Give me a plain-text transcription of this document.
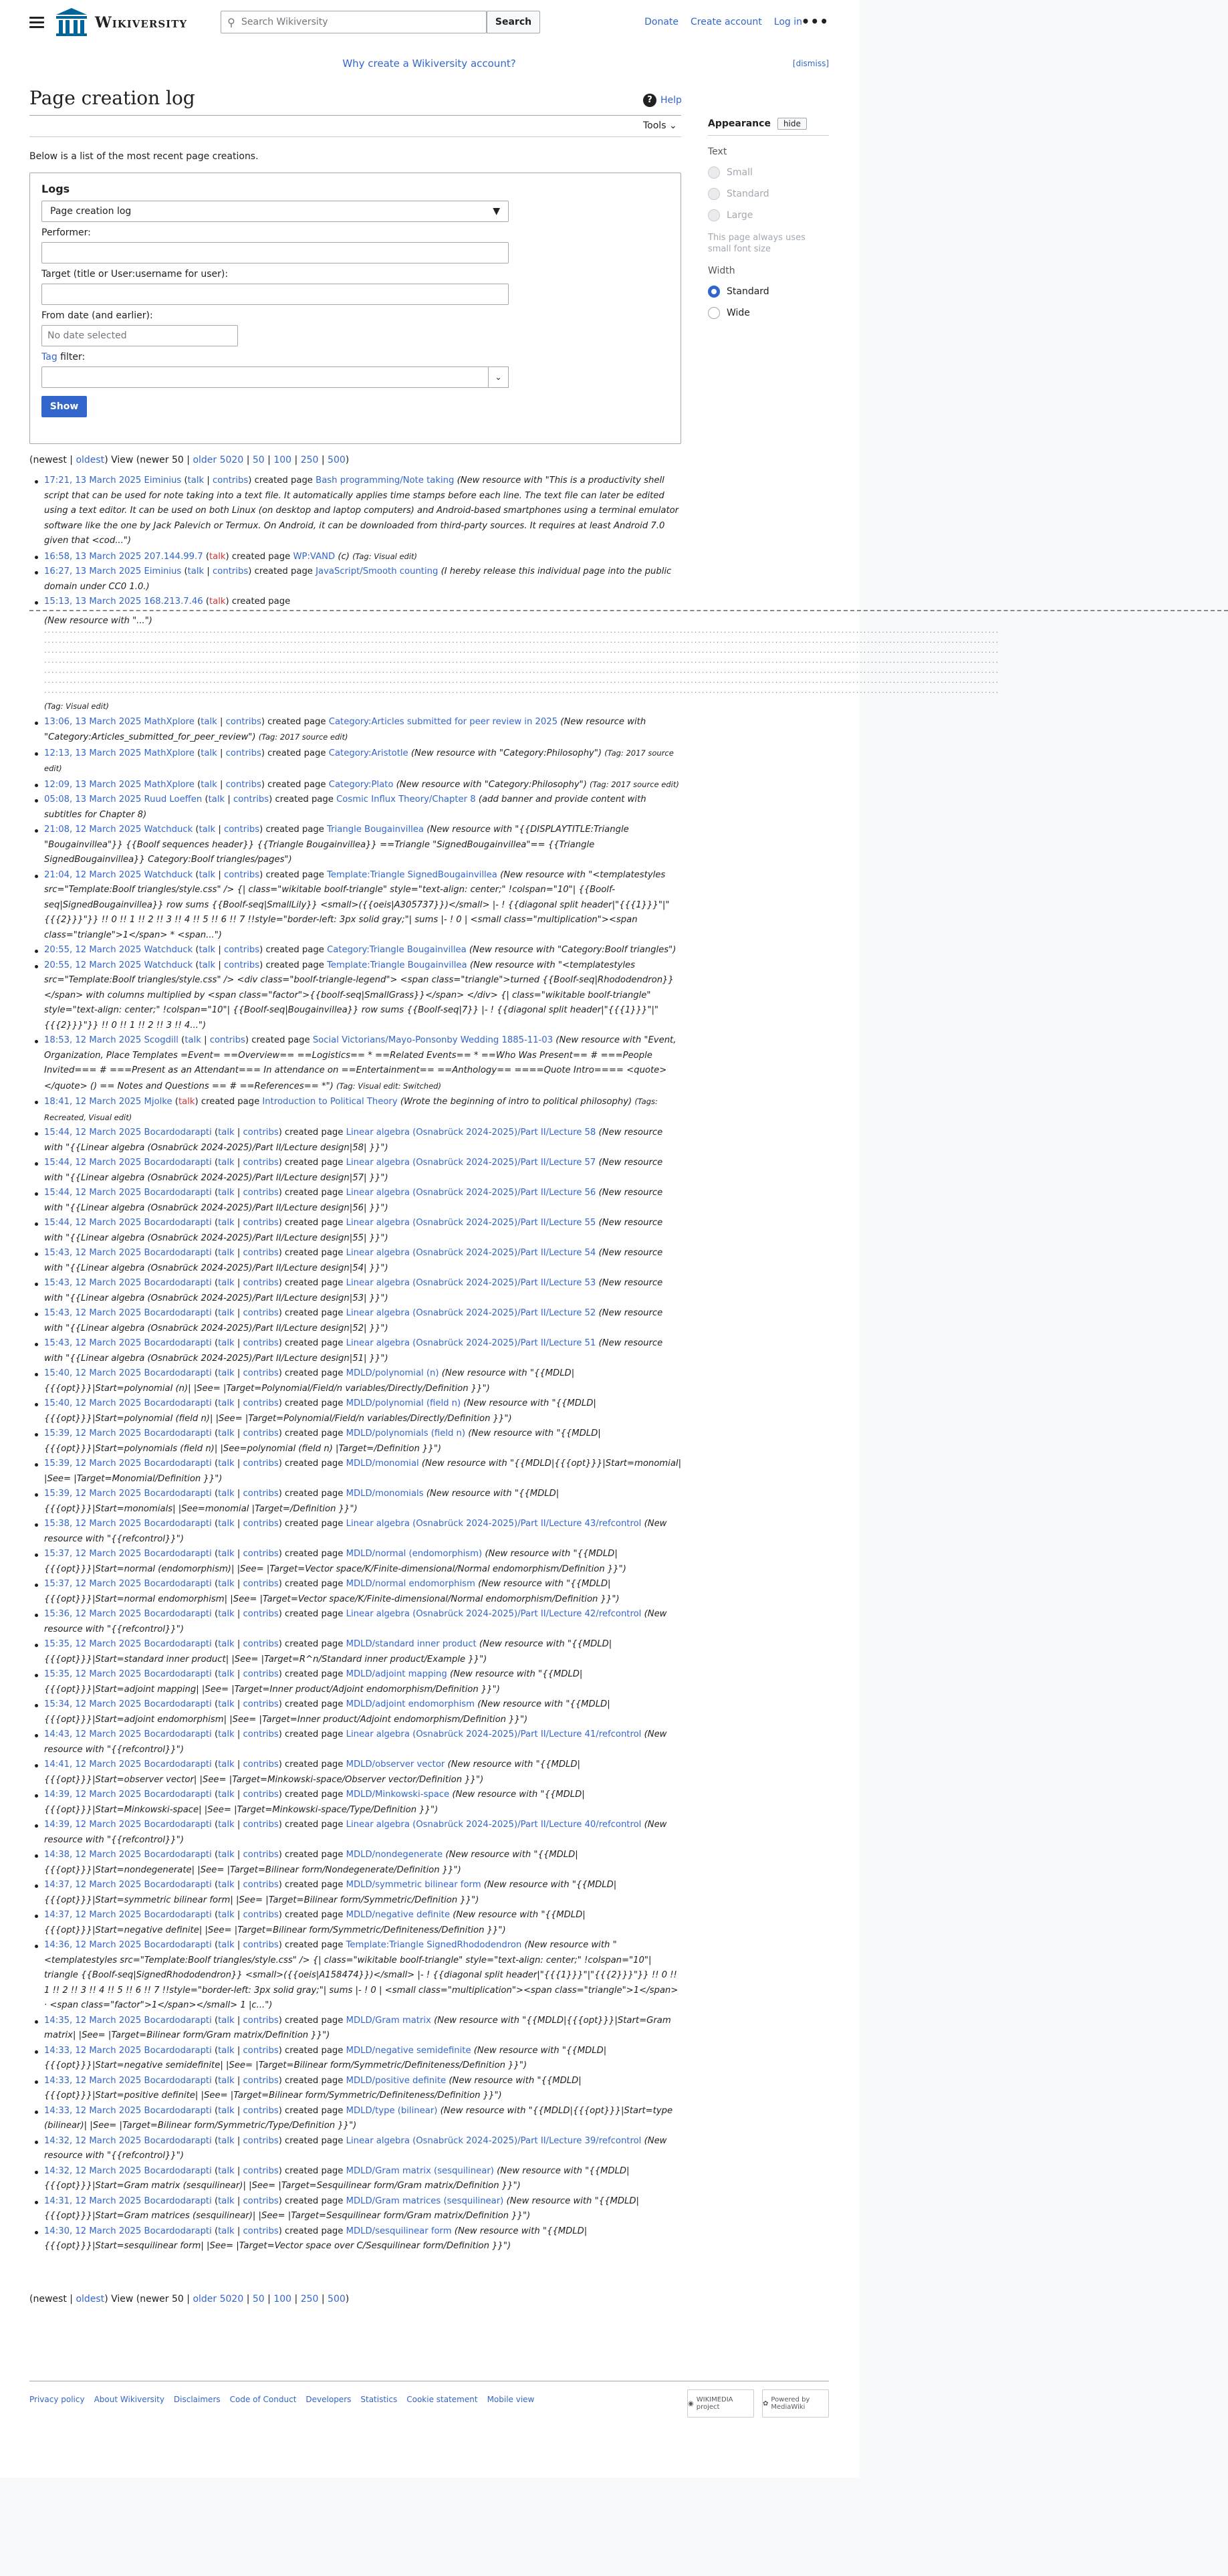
Wikiversity	⚲ Search Wikiversity	Search	Donate Create account Log in
•••
Why create a Wikiversity account?	[dismiss]
Page creation log	? Help
Tools ⌄	Appearance	hide
Text
Small
Standard
Large
This page always uses small font size
Width
Standard
Wide

Below is a list of the most recent page creations.

Logs
Page creation log	▼
Performer:
Target (title or User:username for user):
From date (and earlier):
No date selected
Tag filter:
⌄
Show
(newest | oldest) View (newer 50 | older 5020 | 50 | 100 | 250 | 500)
17:21, 13 March 2025 Eiminius (talk | contribs) created page Bash programming/Note taking (New resource with "This is a productivity shell script that can be used for note taking into a text file. It automatically applies time stamps before each line. The text file can later be edited using a text editor. It can be used on both Linux (on desktop and laptop computers) and Android-based smartphones using a terminal emulator software like the one by Jack Palevich or Termux. On Android, it can be downloaded from third-party sources. It requires at least Android 7.0 given that <cod...")
16:58, 13 March 2025 207.144.99.7 (talk) created page WP:VAND (c) (Tag: Visual edit)
16:27, 13 March 2025 Eiminius (talk | contribs) created page JavaScript/Smooth counting (I hereby release this individual page into the public domain under CC0 1.0.)
15:13, 13 March 2025 168.213.7.46 (talk) created page
(New resource with "...")
····································································································································································································································································
····································································································································································································································································
····································································································································································································································································
····································································································································································································································································
····································································································································································································································································
····································································································································································································································································
····································································································································································································································································
(Tag: Visual edit)
13:06, 13 March 2025 MathXplore (talk | contribs) created page Category:Articles submitted for peer review in 2025 (New resource with "Category:Articles_submitted_for_peer_review") (Tag: 2017 source edit)
12:13, 13 March 2025 MathXplore (talk | contribs) created page Category:Aristotle (New resource with "Category:Philosophy") (Tag: 2017 source edit)
12:09, 13 March 2025 MathXplore (talk | contribs) created page Category:Plato (New resource with "Category:Philosophy") (Tag: 2017 source edit)
05:08, 13 March 2025 Ruud Loeffen (talk | contribs) created page Cosmic Influx Theory/Chapter 8 (add banner and provide content with subtitles for Chapter 8)
21:08, 12 March 2025 Watchduck (talk | contribs) created page Triangle Bougainvillea (New resource with "{{DISPLAYTITLE:Triangle "Bougainvillea"}} {{Boolf sequences header}} {{Triangle Bougainvillea}} ==Triangle "SignedBougainvillea"== {{Triangle SignedBougainvillea}} Category:Boolf triangles/pages")
21:04, 12 March 2025 Watchduck (talk | contribs) created page Template:Triangle SignedBougainvillea (New resource with "<templatestyles src="Template:Boolf triangles/style.css" /> {| class="wikitable boolf-triangle" style="text-align: center;" !colspan="10"| {{Boolf-seq|SignedBougainvillea}} row sums {{Boolf-seq|SmallLily}} <small>({{oeis|A305737}})</small> |- ! {{diagonal split header|"{{{1}}}"|"{{{2}}}"}} !! 0 !! 1 !! 2 !! 3 !! 4 !! 5 !! 6 !! 7 !!style="border-left: 3px solid gray;"| sums |- ! 0 | <small class="multiplication"><span class="triangle">1</span> * <span...")
20:55, 12 March 2025 Watchduck (talk | contribs) created page Category:Triangle Bougainvillea (New resource with "Category:Boolf triangles")
20:55, 12 March 2025 Watchduck (talk | contribs) created page Template:Triangle Bougainvillea (New resource with "<templatestyles src="Template:Boolf triangles/style.css" /> <div class="boolf-triangle-legend"> <span class="triangle">turned {{Boolf-seq|Rhododendron}}</span> with columns multiplied by <span class="factor">{{boolf-seq|SmallGrass}}</span> </div> {| class="wikitable boolf-triangle" style="text-align: center;" !colspan="10"| {{Boolf-seq|Bougainvillea}} row sums {{Boolf-seq|7}} |- ! {{diagonal split header|"{{{1}}}"|"{{{2}}}"}} !! 0 !! 1 !! 2 !! 3 !! 4...")
18:53, 12 March 2025 Scogdill (talk | contribs) created page Social Victorians/Mayo-Ponsonby Wedding 1885-11-03 (New resource with "Event, Organization, Place Templates =Event= ==Overview== ==Logistics== * ==Related Events== * ==Who Was Present== # ===People Invited=== # ===Present as an Attendant=== In attendance on ==Entertainment== ==Anthology== ====Quote Intro==== <quote></quote> () == Notes and Questions == # ==References== *") (Tag: Visual edit: Switched)
18:41, 12 March 2025 Mjolke (talk) created page Introduction to Political Theory (Wrote the beginning of intro to political philosophy) (Tags: Recreated, Visual edit)
15:44, 12 March 2025 Bocardodarapti (talk | contribs) created page Linear algebra (Osnabrück 2024-2025)/Part II/Lecture 58 (New resource with "{{Linear algebra (Osnabrück 2024-2025)/Part II/Lecture design|58| }}")
15:44, 12 March 2025 Bocardodarapti (talk | contribs) created page Linear algebra (Osnabrück 2024-2025)/Part II/Lecture 57 (New resource with "{{Linear algebra (Osnabrück 2024-2025)/Part II/Lecture design|57| }}")
15:44, 12 March 2025 Bocardodarapti (talk | contribs) created page Linear algebra (Osnabrück 2024-2025)/Part II/Lecture 56 (New resource with "{{Linear algebra (Osnabrück 2024-2025)/Part II/Lecture design|56| }}")
15:44, 12 March 2025 Bocardodarapti (talk | contribs) created page Linear algebra (Osnabrück 2024-2025)/Part II/Lecture 55 (New resource with "{{Linear algebra (Osnabrück 2024-2025)/Part II/Lecture design|55| }}")
15:43, 12 March 2025 Bocardodarapti (talk | contribs) created page Linear algebra (Osnabrück 2024-2025)/Part II/Lecture 54 (New resource with "{{Linear algebra (Osnabrück 2024-2025)/Part II/Lecture design|54| }}")
15:43, 12 March 2025 Bocardodarapti (talk | contribs) created page Linear algebra (Osnabrück 2024-2025)/Part II/Lecture 53 (New resource with "{{Linear algebra (Osnabrück 2024-2025)/Part II/Lecture design|53| }}")
15:43, 12 March 2025 Bocardodarapti (talk | contribs) created page Linear algebra (Osnabrück 2024-2025)/Part II/Lecture 52 (New resource with "{{Linear algebra (Osnabrück 2024-2025)/Part II/Lecture design|52| }}")
15:43, 12 March 2025 Bocardodarapti (talk | contribs) created page Linear algebra (Osnabrück 2024-2025)/Part II/Lecture 51 (New resource with "{{Linear algebra (Osnabrück 2024-2025)/Part II/Lecture design|51| }}")
15:40, 12 March 2025 Bocardodarapti (talk | contribs) created page MDLD/polynomial (n) (New resource with "{{MDLD|{{{opt}}}|Start=polynomial (n)| |See= |Target=Polynomial/Field/n variables/Directly/Definition }}")
15:40, 12 March 2025 Bocardodarapti (talk | contribs) created page MDLD/polynomial (field n) (New resource with "{{MDLD|{{{opt}}}|Start=polynomial (field n)| |See= |Target=Polynomial/Field/n variables/Directly/Definition }}")
15:39, 12 March 2025 Bocardodarapti (talk | contribs) created page MDLD/polynomials (field n) (New resource with "{{MDLD|{{{opt}}}|Start=polynomials (field n)| |See=polynomial (field n) |Target=/Definition }}")
15:39, 12 March 2025 Bocardodarapti (talk | contribs) created page MDLD/monomial (New resource with "{{MDLD|{{{opt}}}|Start=monomial| |See= |Target=Monomial/Definition }}")
15:39, 12 March 2025 Bocardodarapti (talk | contribs) created page MDLD/monomials (New resource with "{{MDLD|{{{opt}}}|Start=monomials| |See=monomial |Target=/Definition }}")
15:38, 12 March 2025 Bocardodarapti (talk | contribs) created page Linear algebra (Osnabrück 2024-2025)/Part II/Lecture 43/refcontrol (New resource with "{{refcontrol}}")
15:37, 12 March 2025 Bocardodarapti (talk | contribs) created page MDLD/normal (endomorphism) (New resource with "{{MDLD|{{{opt}}}|Start=normal (endomorphism)| |See= |Target=Vector space/K/Finite-dimensional/Normal endomorphism/Definition }}")
15:37, 12 March 2025 Bocardodarapti (talk | contribs) created page MDLD/normal endomorphism (New resource with "{{MDLD|{{{opt}}}|Start=normal endomorphism| |See= |Target=Vector space/K/Finite-dimensional/Normal endomorphism/Definition }}")
15:36, 12 March 2025 Bocardodarapti (talk | contribs) created page Linear algebra (Osnabrück 2024-2025)/Part II/Lecture 42/refcontrol (New resource with "{{refcontrol}}")
15:35, 12 March 2025 Bocardodarapti (talk | contribs) created page MDLD/standard inner product (New resource with "{{MDLD|{{{opt}}}|Start=standard inner product| |See= |Target=R^n/Standard inner product/Example }}")
15:35, 12 March 2025 Bocardodarapti (talk | contribs) created page MDLD/adjoint mapping (New resource with "{{MDLD|{{{opt}}}|Start=adjoint mapping| |See= |Target=Inner product/Adjoint endomorphism/Definition }}")
15:34, 12 March 2025 Bocardodarapti (talk | contribs) created page MDLD/adjoint endomorphism (New resource with "{{MDLD|{{{opt}}}|Start=adjoint endomorphism| |See= |Target=Inner product/Adjoint endomorphism/Definition }}")
14:43, 12 March 2025 Bocardodarapti (talk | contribs) created page Linear algebra (Osnabrück 2024-2025)/Part II/Lecture 41/refcontrol (New resource with "{{refcontrol}}")
14:41, 12 March 2025 Bocardodarapti (talk | contribs) created page MDLD/observer vector (New resource with "{{MDLD|{{{opt}}}|Start=observer vector| |See= |Target=Minkowski-space/Observer vector/Definition }}")
14:39, 12 March 2025 Bocardodarapti (talk | contribs) created page MDLD/Minkowski-space (New resource with "{{MDLD|{{{opt}}}|Start=Minkowski-space| |See= |Target=Minkowski-space/Type/Definition }}")
14:39, 12 March 2025 Bocardodarapti (talk | contribs) created page Linear algebra (Osnabrück 2024-2025)/Part II/Lecture 40/refcontrol (New resource with "{{refcontrol}}")
14:38, 12 March 2025 Bocardodarapti (talk | contribs) created page MDLD/nondegenerate (New resource with "{{MDLD|{{{opt}}}|Start=nondegenerate| |See= |Target=Bilinear form/Nondegenerate/Definition }}")
14:37, 12 March 2025 Bocardodarapti (talk | contribs) created page MDLD/symmetric bilinear form (New resource with "{{MDLD|{{{opt}}}|Start=symmetric bilinear form| |See= |Target=Bilinear form/Symmetric/Definition }}")
14:37, 12 March 2025 Bocardodarapti (talk | contribs) created page MDLD/negative definite (New resource with "{{MDLD|{{{opt}}}|Start=negative definite| |See= |Target=Bilinear form/Symmetric/Definiteness/Definition }}")
14:36, 12 March 2025 Bocardodarapti (talk | contribs) created page Template:Triangle SignedRhododendron (New resource with "<templatestyles src="Template:Boolf triangles/style.css" /> {| class="wikitable boolf-triangle" style="text-align: center;" !colspan="10"| triangle {{Boolf-seq|SignedRhododendron}} <small>({{oeis|A158474}})</small> |- ! {{diagonal split header|"{{{1}}}"|"{{{2}}}"}} !! 0 !! 1 !! 2 !! 3 !! 4 !! 5 !! 6 !! 7 !!style="border-left: 3px solid gray;"| sums |- ! 0 | <small class="multiplication"><span class="triangle">1</span> · <span class="factor">1</span></small> 1 |c...")
14:35, 12 March 2025 Bocardodarapti (talk | contribs) created page MDLD/Gram matrix (New resource with "{{MDLD|{{{opt}}}|Start=Gram matrix| |See= |Target=Bilinear form/Gram matrix/Definition }}")
14:33, 12 March 2025 Bocardodarapti (talk | contribs) created page MDLD/negative semidefinite (New resource with "{{MDLD|{{{opt}}}|Start=negative semidefinite| |See= |Target=Bilinear form/Symmetric/Definiteness/Definition }}")
14:33, 12 March 2025 Bocardodarapti (talk | contribs) created page MDLD/positive definite (New resource with "{{MDLD|{{{opt}}}|Start=positive definite| |See= |Target=Bilinear form/Symmetric/Definiteness/Definition }}")
14:33, 12 March 2025 Bocardodarapti (talk | contribs) created page MDLD/type (bilinear) (New resource with "{{MDLD|{{{opt}}}|Start=type (bilinear)| |See= |Target=Bilinear form/Symmetric/Type/Definition }}")
14:32, 12 March 2025 Bocardodarapti (talk | contribs) created page Linear algebra (Osnabrück 2024-2025)/Part II/Lecture 39/refcontrol (New resource with "{{refcontrol}}")
14:32, 12 March 2025 Bocardodarapti (talk | contribs) created page MDLD/Gram matrix (sesquilinear) (New resource with "{{MDLD|{{{opt}}}|Start=Gram matrix (sesquilinear)| |See= |Target=Sesquilinear form/Gram matrix/Definition }}")
14:31, 12 March 2025 Bocardodarapti (talk | contribs) created page MDLD/Gram matrices (sesquilinear) (New resource with "{{MDLD|{{{opt}}}|Start=Gram matrices (sesquilinear)| |See= |Target=Sesquilinear form/Gram matrix/Definition }}")
14:30, 12 March 2025 Bocardodarapti (talk | contribs) created page MDLD/sesquilinear form (New resource with "{{MDLD|{{{opt}}}|Start=sesquilinear form| |See= |Target=Vector space over C/Sesquilinear form/Definition }}")
(newest | oldest) View (newer 50 | older 5020 | 50 | 100 | 250 | 500)
Privacy policy About Wikiversity Disclaimers Code of Conduct Developers Statistics Cookie statement Mobile view	◉ WIKIMEDIA project	✿ Powered by MediaWiki
